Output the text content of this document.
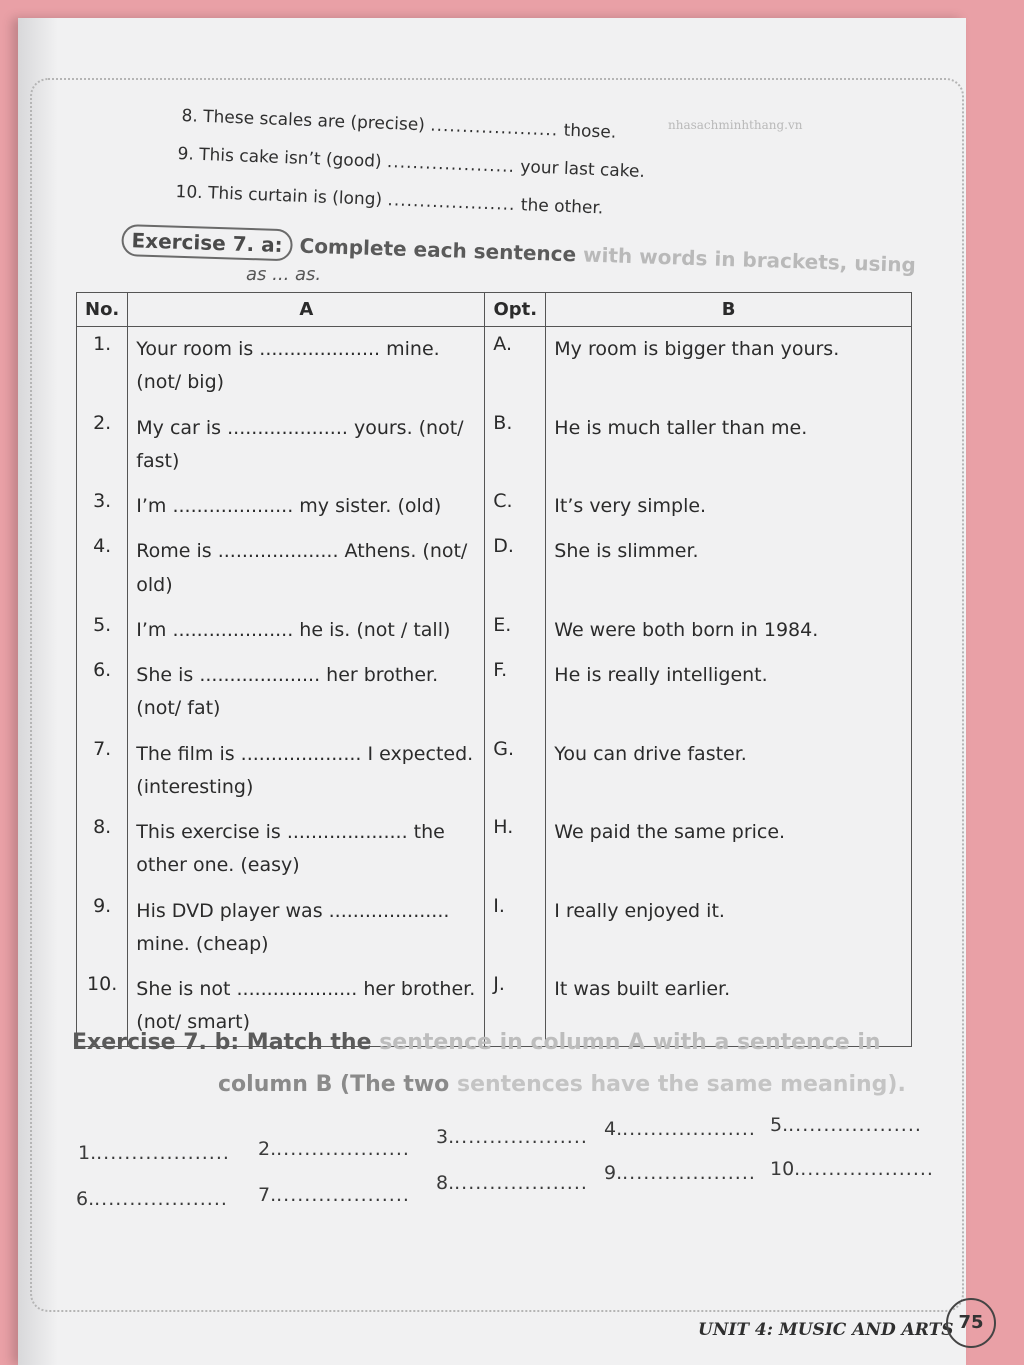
nhasachminhthang.vn
8. These scales are (precise) .................... those.
9. This cake isn’t (good) .................... your last cake.
10. This curtain is (long) .................... the other.
Exercise 7. a: Complete each sentence with words in brackets, using
as ... as.
No.	A	Opt.	B
1.	Your room is .................... mine. (not/ big)	A.	My room is bigger than yours.
2.	My car is .................... yours. (not/ fast)	B.	He is much taller than me.
3.	I’m .................... my sister. (old)	C.	It’s very simple.
4.	Rome is .................... Athens. (not/ old)	D.	She is slimmer.
5.	I’m .................... he is. (not / tall)	E.	We were both born in 1984.
6.	She is .................... her brother. (not/ fat)	F.	He is really intelligent.
7.	The film is .................... I expected. (interesting)	G.	You can drive faster.
8.	This exercise is .................... the other one. (easy)	H.	We paid the same price.
9.	His DVD player was .................... mine. (cheap)	I.	I really enjoyed it.
10.	She is not .................... her brother. (not/ smart)	J.	It was built earlier.
Exercise 7. b: Match the sentence in column A with a sentence in
column B (The two sentences have the same meaning).
1.................... 2....................
3.................... 4.................... 5....................
6.................... 7....................
8.................... 9.................... 10....................
UNIT 4: MUSIC AND ARTS 75
